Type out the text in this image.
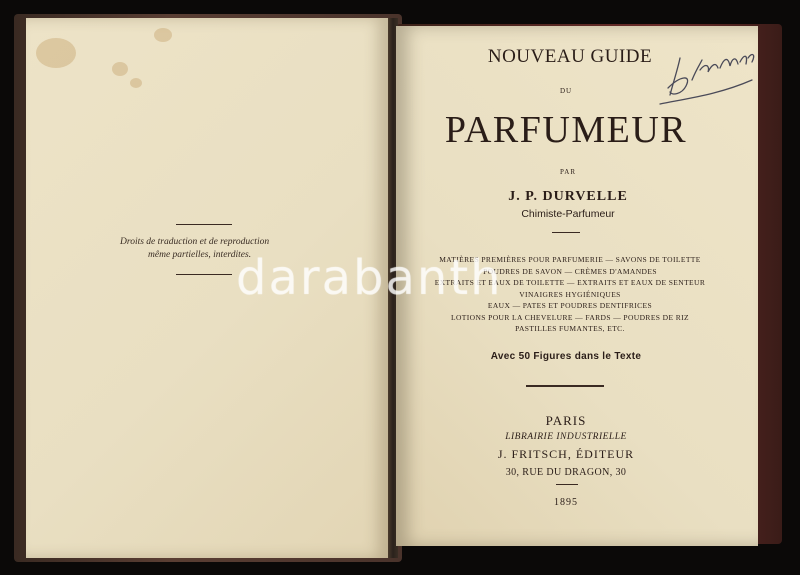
Droits de traduction et de reproduction
même partielles, interdites.
NOUVEAU GUIDE
DU
PARFUMEUR
PAR
J. P. DURVELLE
Chimiste-Parfumeur
MATIÈRES PREMIÈRES POUR PARFUMERIE — SAVONS DE TOILETTE
POUDRES DE SAVON — CRÈMES D'AMANDES
EXTRAITS ET EAUX DE TOILETTE — EXTRAITS ET EAUX DE SENTEUR
VINAIGRES HYGIÉNIQUES
EAUX — PATES ET POUDRES DENTIFRICES
LOTIONS POUR LA CHEVELURE — FARDS — POUDRES DE RIZ
PASTILLES FUMANTES, ETC.
Avec 50 Figures dans le Texte
PARIS
LIBRAIRIE INDUSTRIELLE
J. FRITSCH, ÉDITEUR
30, RUE DU DRAGON, 30
1895
darabanth
